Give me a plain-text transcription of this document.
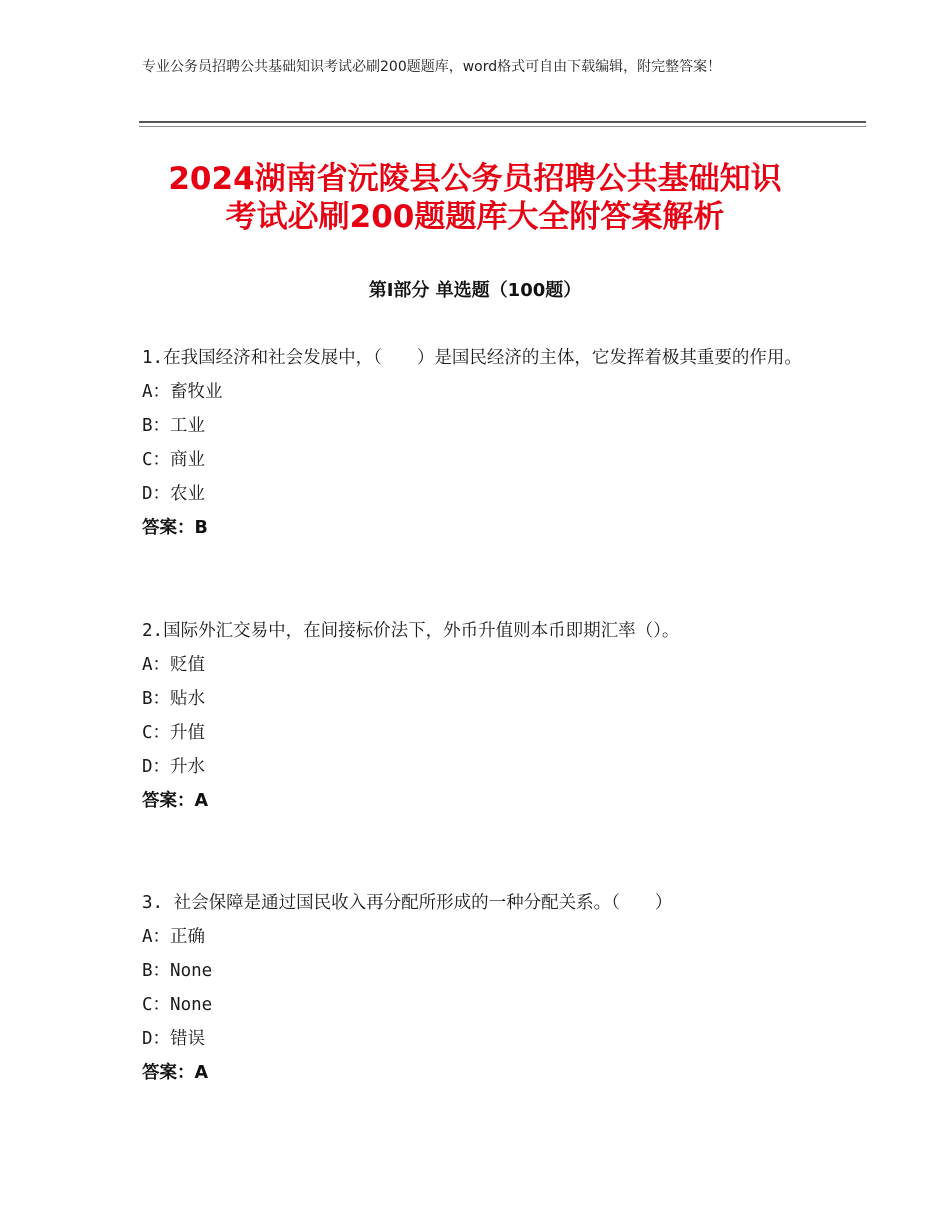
专业公务员招聘公共基础知识考试必刷200题题库，word格式可自由下载编辑，附完整答案！
2024湖南省沅陵县公务员招聘公共基础知识
考试必刷200题题库大全附答案解析
第Ⅰ部分 单选题（100题）
1.在我国经济和社会发展中，（　　）是国民经济的主体，它发挥着极其重要的作用。
A：畜牧业
B：工业
C：商业
D：农业
答案：B
2.国际外汇交易中，在间接标价法下，外币升值则本币即期汇率（）。
A：贬值
B：贴水
C：升值
D：升水
答案：A
3. 社会保障是通过国民收入再分配所形成的一种分配关系。（　　）
A：正确
B：None
C：None
D：错误
答案：A
